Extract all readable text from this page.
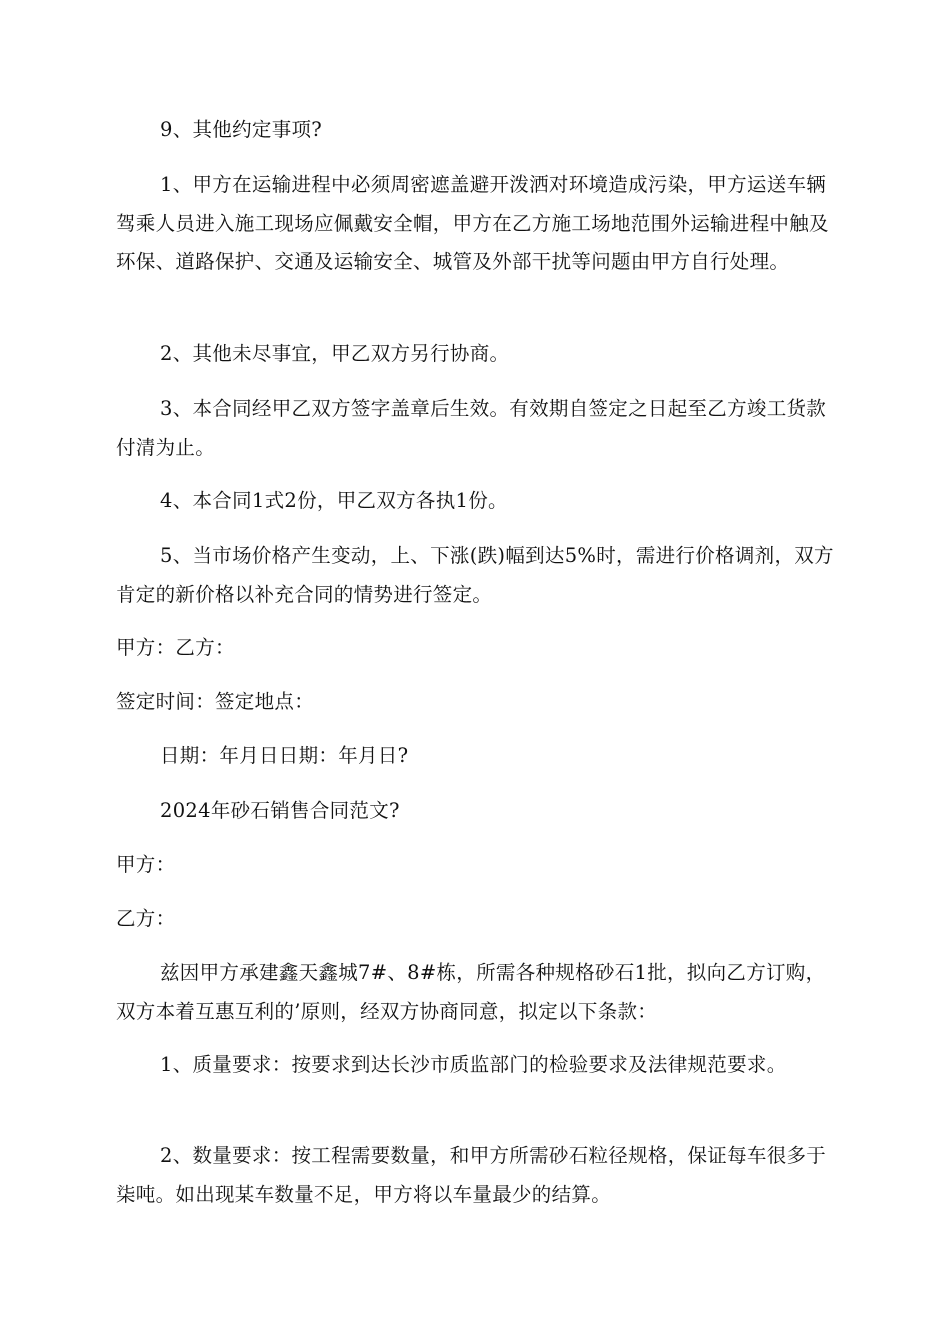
9、其他约定事项?

1、甲方在运输进程中必须周密遮盖避开泼洒对环境造成污染，甲方运送车辆驾乘人员进入施工现场应佩戴安全帽，甲方在乙方施工场地范围外运输进程中触及环保、道路保护、交通及运输安全、城管及外部干扰等问题由甲方自行处理。

2、其他未尽事宜，甲乙双方另行协商。

3、本合同经甲乙双方签字盖章后生效。有效期自签定之日起至乙方竣工货款付清为止。

4、本合同1式2份，甲乙双方各执1份。

5、当市场价格产生变动，上、下涨(跌)幅到达5%时，需进行价格调剂，双方肯定的新价格以补充合同的情势进行签定。

甲方：乙方：

签定时间：签定地点：

日期：年月日日期：年月日?

2024年砂石销售合同范文?

甲方：

乙方：

兹因甲方承建鑫天鑫城7#、8#栋，所需各种规格砂石1批，拟向乙方订购，双方本着互惠互利的’原则，经双方协商同意，拟定以下条款：

1、质量要求：按要求到达长沙市质监部门的检验要求及法律规范要求。

2、数量要求：按工程需要数量，和甲方所需砂石粒径规格，保证每车很多于柒吨。如出现某车数量不足，甲方将以车量最少的结算。
